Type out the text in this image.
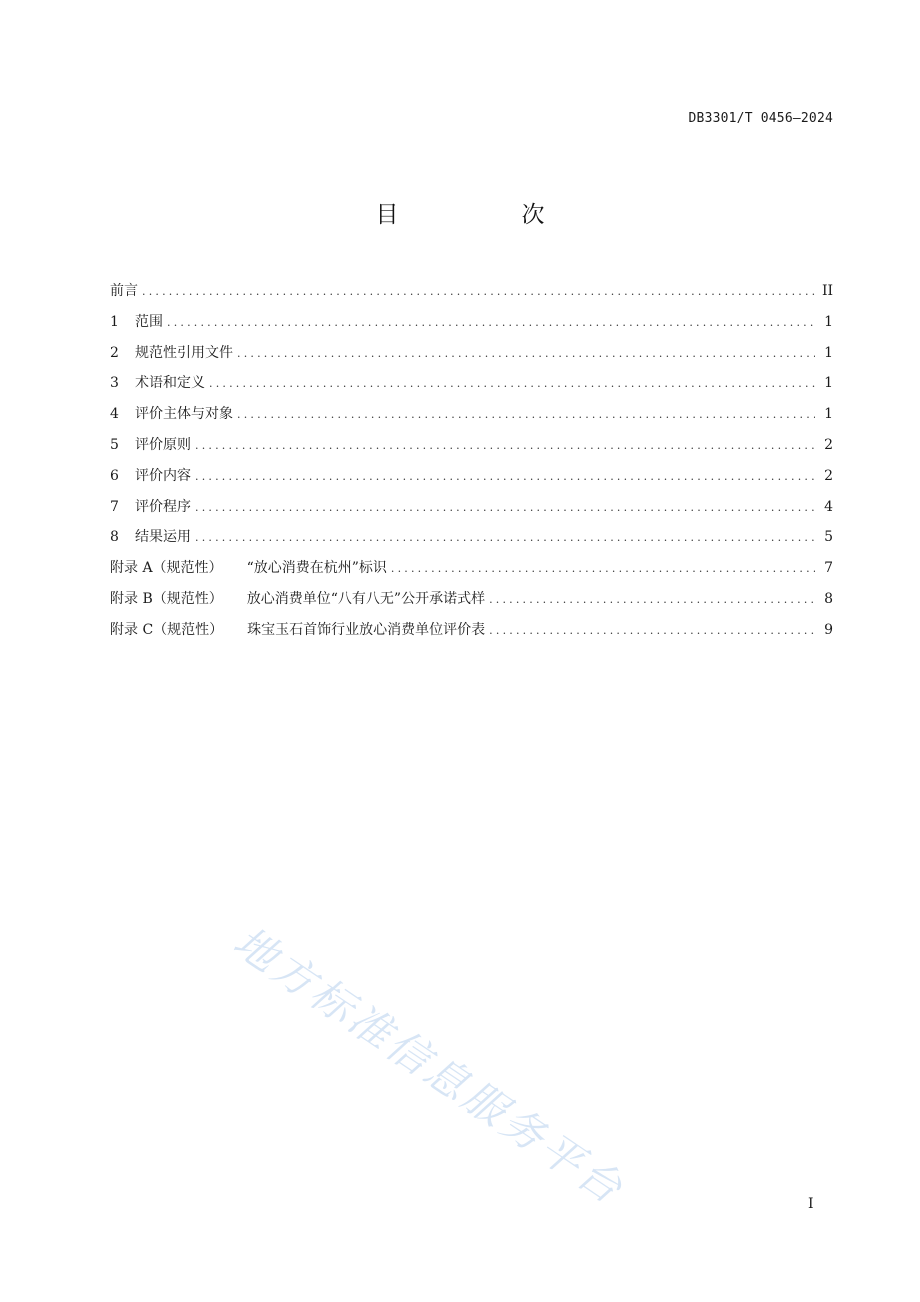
DB3301/T 0456—2024
目　次
前言 .....	II
1	范围 .....	1
2	规范性引用文件 .....	1
3	术语和定义 .....	1
4	评价主体与对象 .....	1
5	评价原则 .....	2
6	评价内容 .....	2
7	评价程序 .....	4
8	结果运用 .....	5
附录 A（规范性） “放心消费在杭州”标识 .....	7
附录 B（规范性） 放心消费单位“八有八无”公开承诺式样 .....	8
附录 C（规范性） 珠宝玉石首饰行业放心消费单位评价表 .....	9
地方标准信息服务平台	I
